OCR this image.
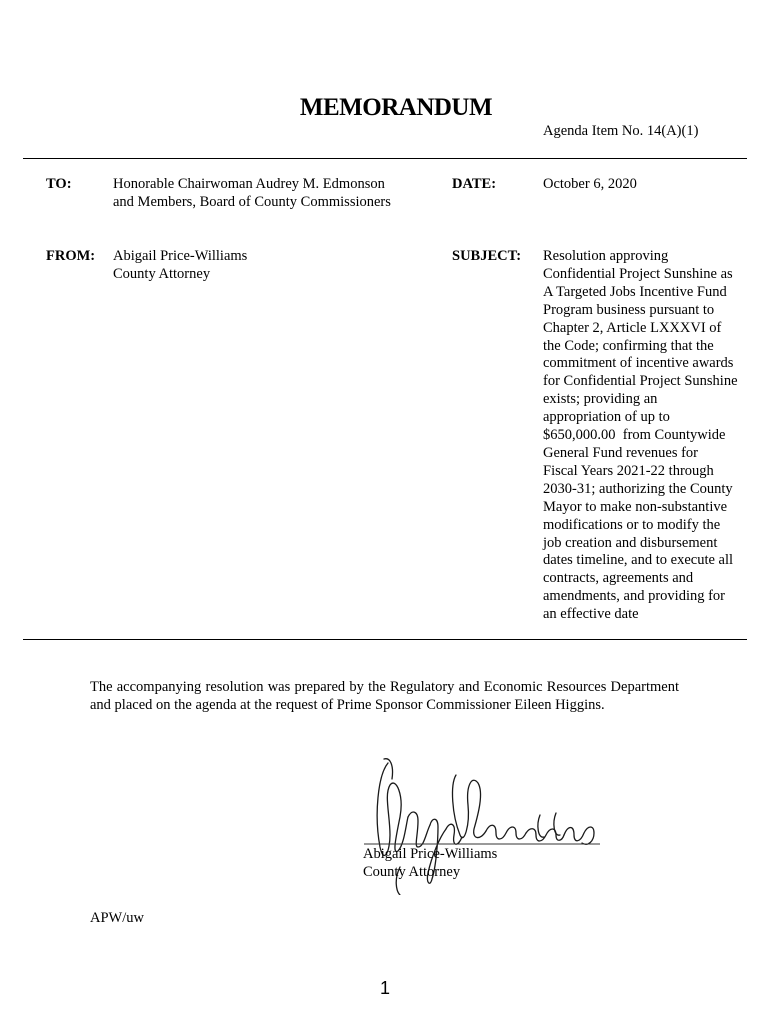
MEMORANDUM
Agenda Item No. 14(A)(1)
TO:	Honorable Chairwoman Audrey M. Edmonson
and Members, Board of County Commissioners
DATE:	October 6, 2020
FROM: Abigail Price-Williams
County Attorney
SUBJECT: Resolution approving
Confidential Project Sunshine as
A Targeted Jobs Incentive Fund
Program business pursuant to
Chapter 2, Article LXXXVI of
the Code; confirming that the
commitment of incentive awards
for Confidential Project Sunshine
exists; providing an
appropriation of up to
$650,000.00  from Countywide
General Fund revenues for
Fiscal Years 2021-22 through
2030-31; authorizing the County
Mayor to make non-substantive
modifications or to modify the
job creation and disbursement
dates timeline, and to execute all
contracts, agreements and
amendments, and providing for
an effective date
The accompanying resolution was prepared by the Regulatory and Economic Resources Department and placed on the agenda at the request of Prime Sponsor Commissioner Eileen Higgins.
Abigail Price-Williams
County Attorney
APW/uw
1
